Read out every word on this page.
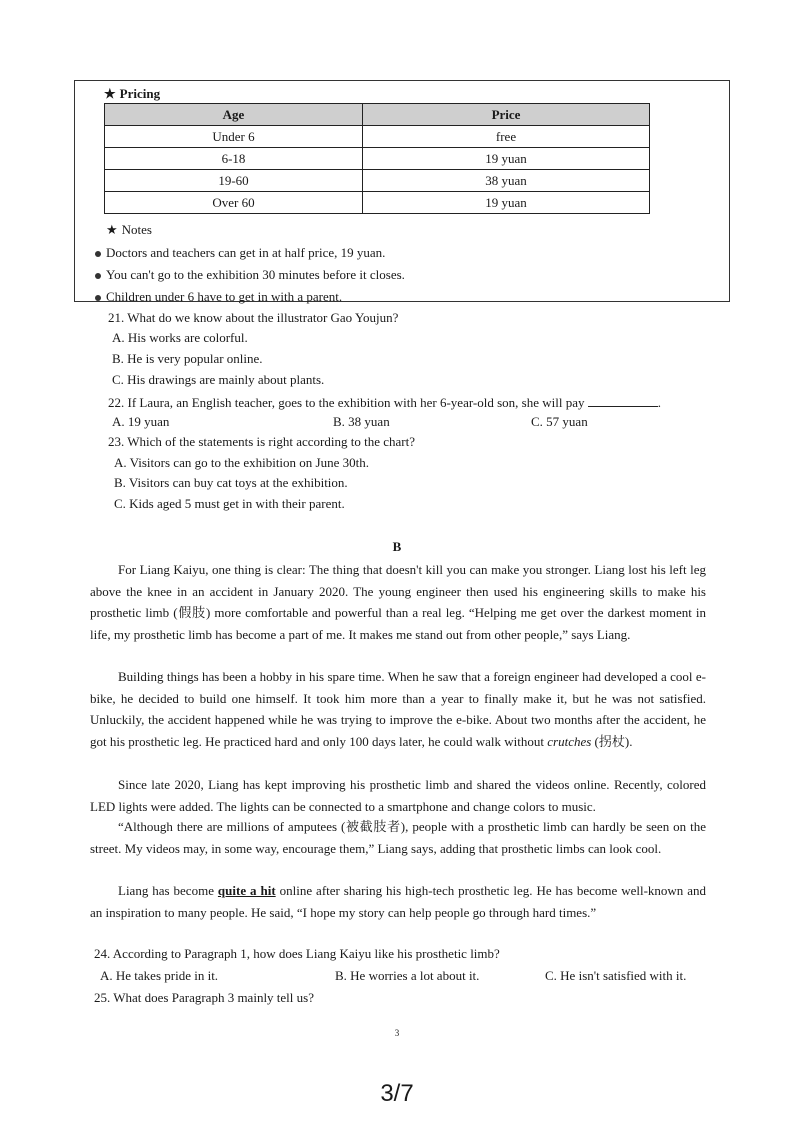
★ Pricing
Age	Price
Under 6	free
6-18	19 yuan
19-60	38 yuan
Over 60	19 yuan
★ Notes
Doctors and teachers can get in at half price, 19 yuan.
You can't go to the exhibition 30 minutes before it closes.
Children under 6 have to get in with a parent.
21. What do we know about the illustrator Gao Youjun?
A. His works are colorful.
B. He is very popular online.
C. His drawings are mainly about plants.
22. If Laura, an English teacher, goes to the exhibition with her 6-year-old son, she will pay	.
A. 19 yuan	B. 38 yuan	C. 57 yuan
23. Which of the statements is right according to the chart?
A. Visitors can go to the exhibition on June 30th.
B. Visitors can buy cat toys at the exhibition.
C. Kids aged 5 must get in with their parent.
B

For Liang Kaiyu, one thing is clear: The thing that doesn't kill you can make you stronger. Liang lost his left leg above the knee in an accident in January 2020. The young engineer then used his engineering skills to make his prosthetic limb (假肢) more comfortable and powerful than a real leg. “Helping me get over the darkest moment in life, my prosthetic limb has become a part of me. It makes me stand out from other people,” says Liang.

Building things has been a hobby in his spare time. When he saw that a foreign engineer had developed a cool e-bike, he decided to build one himself. It took him more than a year to finally make it, but he was not satisfied. Unluckily, the accident happened while he was trying to improve the e-bike. About two months after the accident, he got his prosthetic leg. He practiced hard and only 100 days later, he could walk without crutches (拐杖).

Since late 2020, Liang has kept improving his prosthetic limb and shared the videos online. Recently, colored LED lights were added. The lights can be connected to a smartphone and change colors to music.

“Although there are millions of amputees (被截肢者), people with a prosthetic limb can hardly be seen on the street. My videos may, in some way, encourage them,” Liang says, adding that prosthetic limbs can look cool.

Liang has become quite a hit online after sharing his high-tech prosthetic leg. He has become well-known and an inspiration to many people. He said, “I hope my story can help people go through hard times.”

24. According to Paragraph 1, how does Liang Kaiyu like his prosthetic limb?
A. He takes pride in it.	B. He worries a lot about it.	C. He isn't satisfied with it.
25. What does Paragraph 3 mainly tell us?
3
3/7
